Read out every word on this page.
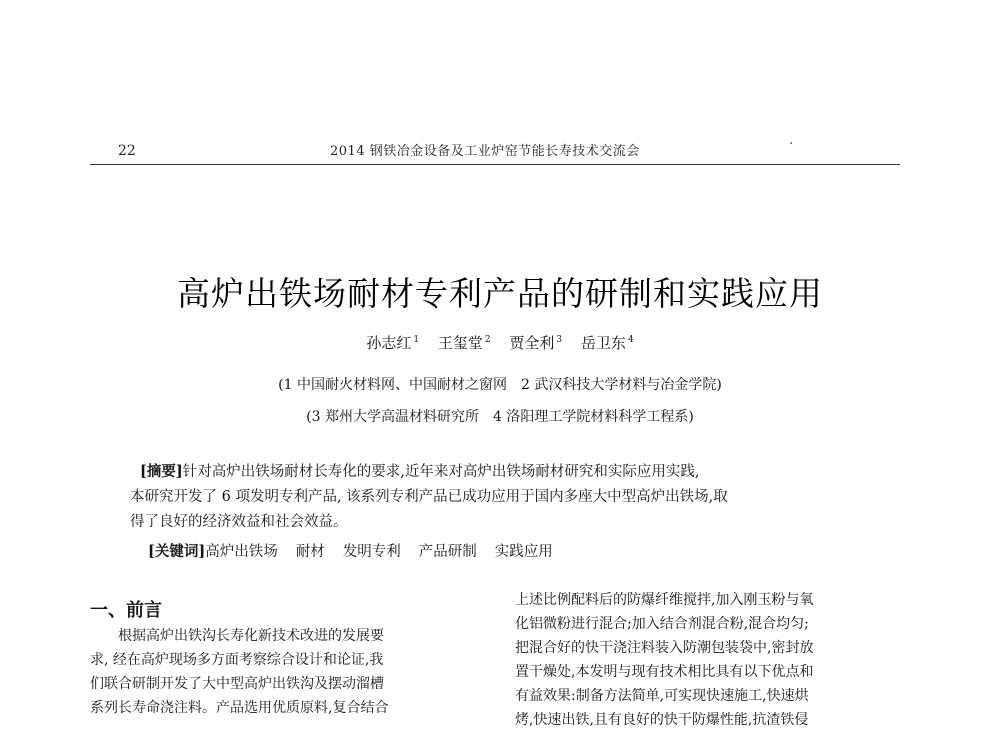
22	2014 钢铁冶金设备及工业炉窑节能长寿技术交流会	·
高炉出铁场耐材专利产品的研制和实践应用
孙志红 $^1$ 王玺堂 $^2$ 贾全利 $^3$ 岳卫东 $^4$
(1 中国耐火材料网、中国耐材之窗网　2 武汉科技大学材料与冶金学院)
(3 郑州大学高温材料研究所　4 洛阳理工学院材料科学工程系)
[摘要]针对高炉出铁场耐材长寿化的要求,近年来对高炉出铁场耐材研究和实际应用实践,
本研究开发了 6 项发明专利产品, 该系列专利产品已成功应用于国内多座大中型高炉出铁场,取
得了良好的经济效益和社会效益。
[关键词]高炉出铁场 耐材 发明专利 产品研制 实践应用
一、前言
根据高炉出铁沟长寿化新技术改进的发展要
求, 经在高炉现场多方面考察综合设计和论证,我
们联合研制开发了大中型高炉出铁沟及摆动溜槽
系列长寿命浇注料。产品选用优质原料,复合结合
上述比例配料后的防爆纤维搅拌,加入刚玉粉与氧
化铝微粉进行混合;加入结合剂混合粉,混合均匀;
把混合好的快干浇注料装入防潮包装袋中,密封放
置干燥处,本发明与现有技术相比具有以下优点和
有益效果:制备方法简单,可实现快速施工,快速烘
烤,快速出铁,且有良好的快干防爆性能,抗渣铁侵
